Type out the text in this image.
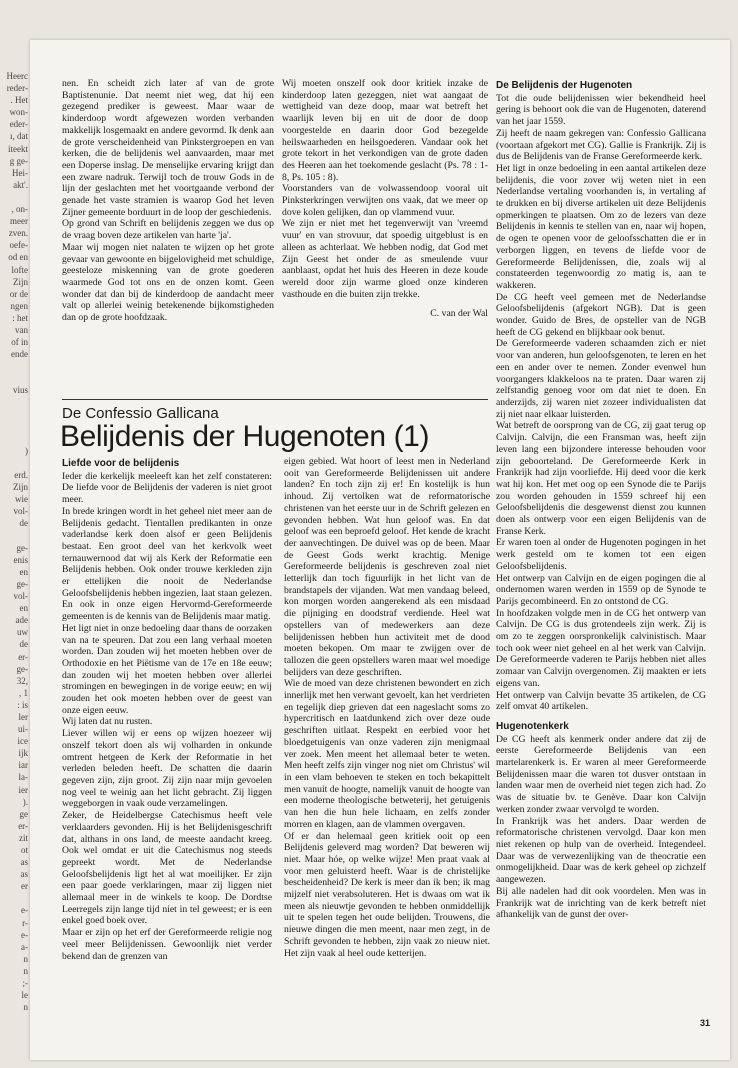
Heerc
reder-
. Het
won-
eder-
ı, dat
iteekt
g ge-
Hei-
akt'.

, on-
meer
zven.
oefe-
od en
lofte
Zijn
or de
ngen
: het
van
of in
ende

vius

)

erd.
Zijn
wie
vol-
de

ge-
enis
en
ge-
vol-
en
ade
uw
de
er-
ge-
32,
, 1
: is
ler
ui-
ice
ijk
iar
la-
ier
).
ge
er-
zit
ot
as
as
er

e-
r-
e-
a-
n
n
;-
le
n

nen. En scheidt zich later af van de grote Baptistenunie. Dat neemt niet weg, dat hij een gezegend prediker is geweest. Maar waar de kinderdoop wordt afgewezen worden verbanden makkelijk losgemaakt en andere gevormd. Ik denk aan de grote verscheidenheid van Pinkstergroepen en van kerken, die de belijdenis wel aanvaarden, maar met een Doperse inslag. De menselijke ervaring krijgt dan een zware nadruk. Terwijl toch de trouw Gods in de lijn der geslachten met het voortgaande verbond der genade het vaste stramien is waarop God het leven Zijner gemeente borduurt in de loop der geschiedenis.

Op grond van Schrift en belijdenis zeggen we dus op de vraag boven deze artikelen van harte 'ja'.

Maar wij mogen niet nalaten te wijzen op het grote gevaar van gewoonte en bijgelovigheid met schuldige, geesteloze miskenning van de grote goederen waarmede God tot ons en de onzen komt. Geen wonder dat dan bij de kinderdoop de aandacht meer valt op allerlei weinig betekenende bijkomstigheden dan op de grote hoofdzaak.

Wij moeten onszelf ook door kritiek inzake de kinderdoop laten gezeggen, niet wat aangaat de wettigheid van deze doop, maar wat betreft het waarlijk leven bij en uit de door de doop voorgestelde en daarin door God bezegelde heilswaarheden en heilsgoederen. Vandaar ook het grote tekort in het verkondigen van de grote daden des Heeren aan het toekomende geslacht (Ps. 78 : 1-8, Ps. 105 : 8).

Voorstanders van de volwassendoop vooral uit Pinksterkringen verwijten ons vaak, dat we meer op dove kolen gelijken, dan op vlammend vuur.

We zijn er niet met het tegenverwijt van 'vreemd vuur' en van strovuur, dat spoedig uitgeblust is en alleen as achterlaat. We hebben nodig, dat God met Zijn Geest het onder de as smeulende vuur aanblaast, opdat het huis des Heeren in deze koude wereld door zijn warme gloed onze kinderen vasthoude en die buiten zijn trekke.

C. van der Wal
De Confessio Gallicana
Belijdenis der Hugenoten (1)
Liefde voor de belijdenis

Ieder die kerkelijk meeleeft kan het zelf constateren: De liefde voor de Belijdenis der vaderen is niet groot meer.

In brede kringen wordt in het geheel niet meer aan de Belijdenis gedacht. Tientallen predikanten in onze vaderlandse kerk doen alsof er geen Belijdenis bestaat. Een groot deel van het kerkvolk weet ternauwernood dat wij als Kerk der Reformatie een Belijdenis hebben. Ook onder trouwe kerkleden zijn er ettelijken die nooit de Nederlandse Geloofsbelijdenis hebben ingezien, laat staan gelezen. En ook in onze eigen Hervormd-Gereformeerde gemeenten is de kennis van de Belijdenis maar matig.

Het ligt niet in onze bedoeling daar thans de oorzaken van na te speuren. Dat zou een lang verhaal moeten worden. Dan zouden wij het moeten hebben over de Orthodoxie en het Piëtisme van de 17e en 18e eeuw; dan zouden wij het moeten hebben over allerlei stromingen en bewegingen in de vorige eeuw; en wij zouden het ook moeten hebben over de geest van onze eigen eeuw.

Wij laten dat nu rusten.

Liever willen wij er eens op wijzen hoezeer wij onszelf tekort doen als wij volharden in onkunde omtrent hetgeen de Kerk der Reformatie in het verleden beleden heeft. De schatten die daarin gegeven zijn, zijn groot. Zij zijn naar mijn gevoelen nog veel te weinig aan het licht gebracht. Zij liggen weggeborgen in vaak oude verzamelingen.

Zeker, de Heidelbergse Catechismus heeft vele verklaarders gevonden. Hij is het Belijdenisgeschrift dat, althans in ons land, de meeste aandacht kreeg. Ook wel omdat er uit die Catechismus nog steeds gepreekt wordt. Met de Nederlandse Geloofsbelijdenis ligt het al wat moeilijker. Er zijn een paar goede verklaringen, maar zij liggen niet allemaal meer in de winkels te koop. De Dordtse Leerregels zijn lange tijd niet in tel geweest; er is een enkel goed boek over.

Maar er zijn op het erf der Gereformeerde religie nog veel meer Belijdenissen. Gewoonlijk niet verder bekend dan de grenzen van

eigen gebied. Wat hoort of leest men in Nederland ooit van Gereformeerde Belijdenissen uit andere landen? En toch zijn zij er! En kostelijk is hun inhoud. Zij vertolken wat de reformatorische christenen van het eerste uur in de Schrift gelezen en gevonden hebben. Wat hun geloof was. En dat geloof was een beproefd geloof. Het kende de kracht der aanvechtingen. De duivel was op de been. Maar de Geest Gods werkt krachtig. Menige Gereformeerde belijdenis is geschreven zoal niet letterlijk dan toch figuurlijk in het licht van de brandstapels der vijanden. Wat men vandaag beleed, kon morgen worden aangerekend als een misdaad die pijniging en doodstraf verdiende. Heel wat opstellers van of medewerkers aan deze belijdenissen hebben hun activiteit met de dood moeten bekopen. Om maar te zwijgen over de tallozen die geen opstellers waren maar wel moedige belijders van deze geschriften.

Wie de moed van deze christenen bewondert en zich innerlijk met hen verwant gevoelt, kan het verdrieten en tegelijk diep grieven dat een nageslacht soms zo hypercritisch en laatdunkend zich over deze oude geschriften uitlaat. Respekt en eerbied voor het bloedgetuigenis van onze vaderen zijn menigmaal ver zoek. Men meent het allemaal beter te weten. Men heeft zelfs zijn vinger nog niet om Christus' wil in een vlam behoeven te steken en toch bekapittelt men vanuit de hoogte, namelijk vanuit de hoogte van een moderne theologische betweterij, het getuigenis van hen die hun hele lichaam, en zelfs zonder morren en klagen, aan de vlammen overgaven.

Of er dan helemaal geen kritiek ooit op een Belijdenis geleverd mag worden? Dat beweren wij niet. Maar hóe, op welke wijze! Men praat vaak al voor men geluisterd heeft. Waar is de christelijke bescheidenheid? De kerk is meer dan ik ben; ik mag mijzelf niet verabsoluteren. Het is dwaas om wat ik meen als nieuwtje gevonden te hebben onmiddellijk uit te spelen tegen het oude belijden. Trouwens, die nieuwe dingen die men meent, naar men zegt, in de Schrift gevonden te hebben, zijn vaak zo nieuw niet. Het zijn vaak al heel oude ketterijen.

De Belijdenis der Hugenoten

Tot die oude belijdenissen wier bekendheid heel gering is behoort ook die van de Hugenoten, daterend van het jaar 1559.

Zij heeft de naam gekregen van: Confessio Gallicana (voortaan afgekort met CG). Gallie is Frankrijk. Zij is dus de Belijdenis van de Franse Gereformeerde kerk.

Het ligt in onze bedoeling in een aantal artikelen deze belijdenis, die voor zover wij weten niet in een Nederlandse vertaling voorhanden is, in vertaling af te drukken en bij diverse artikelen uit deze Belijdenis opmerkingen te plaatsen. Om zo de lezers van deze Belijdenis in kennis te stellen van en, naar wij hopen, de ogen te openen voor de geloofsschatten die er in verborgen liggen, en tevens de liefde voor de Gereformeerde Belijdenissen, die, zoals wij al constateerden tegenwoordig zo matig is, aan te wakkeren.

De CG heeft veel gemeen met de Nederlandse Geloofsbelijdenis (afgekort NGB). Dat is geen wonder. Guido de Bres, de opsteller van de NGB heeft de CG gekend en blijkbaar ook benut.

De Gereformeerde vaderen schaamden zich er niet voor van anderen, hun geloofsgenoten, te leren en het een en ander over te nemen. Zonder evenwel hun voorgangers klakkeloos na te praten. Daar waren zij zelfstandig genoeg voor om dat niet te doen. En anderzijds, zij waren niet zozeer individualisten dat zij niet naar elkaar luisterden.

Wat betreft de oorsprong van de CG, zij gaat terug op Calvijn. Calvijn, die een Fransman was, heeft zijn leven lang een bijzondere interesse behouden voor zijn geboorteland. De Gereformeerde Kerk in Frankrijk had zijn voorliefde. Hij deed voor die kerk wat hij kon. Het met oog op een Synode die te Parijs zou worden gehouden in 1559 schreef hij een Geloofsbelijdenis die desgewenst dienst zou kunnen doen als ontwerp voor een eigen Belijdenis van de Franse Kerk.

Er waren toen al onder de Hugenoten pogingen in het werk gesteld om te komen tot een eigen Geloofsbelijdenis.

Het ontwerp van Calvijn en de eigen pogingen die al ondernomen waren werden in 1559 op de Synode te Parijs gecombineerd. En zo ontstond de CG.

In hoofdzaken volgde men in de CG het ontwerp van Calvijn. De CG is dus grotendeels zijn werk. Zij is om zo te zeggen oorspronkelijk calvinistisch. Maar toch ook weer niet geheel en al het werk van Calvijn. De Gereformeerde vaderen te Parijs hebben niet alles zomaar van Calvijn overgenomen. Zij maakten er iets eigens van.

Het ontwerp van Calvijn bevatte 35 artikelen, de CG zelf omvat 40 artikelen.

Hugenotenkerk

De CG heeft als kenmerk onder andere dat zij de eerste Gereformeerde Belijdenis van een martelarenkerk is. Er waren al meer Gereformeerde Belijdenissen maar die waren tot dusver ontstaan in landen waar men de overheid niet tegen zich had. Zo was de situatie bv. te Genève. Daar kon Calvijn werken zonder zwaar vervolgd te worden.

In Frankrijk was het anders. Daar werden de reformatorische christenen vervolgd. Daar kon men niet rekenen op hulp van de overheid. Integendeel. Daar was de verwezenlijking van de theocratie een onmogelijkheid. Daar was de kerk geheel op zichzelf aangewezen.

Bij alle nadelen had dit ook voordelen. Men was in Frankrijk wat de inrichting van de kerk betreft niet afhankelijk van de gunst der over-

31
